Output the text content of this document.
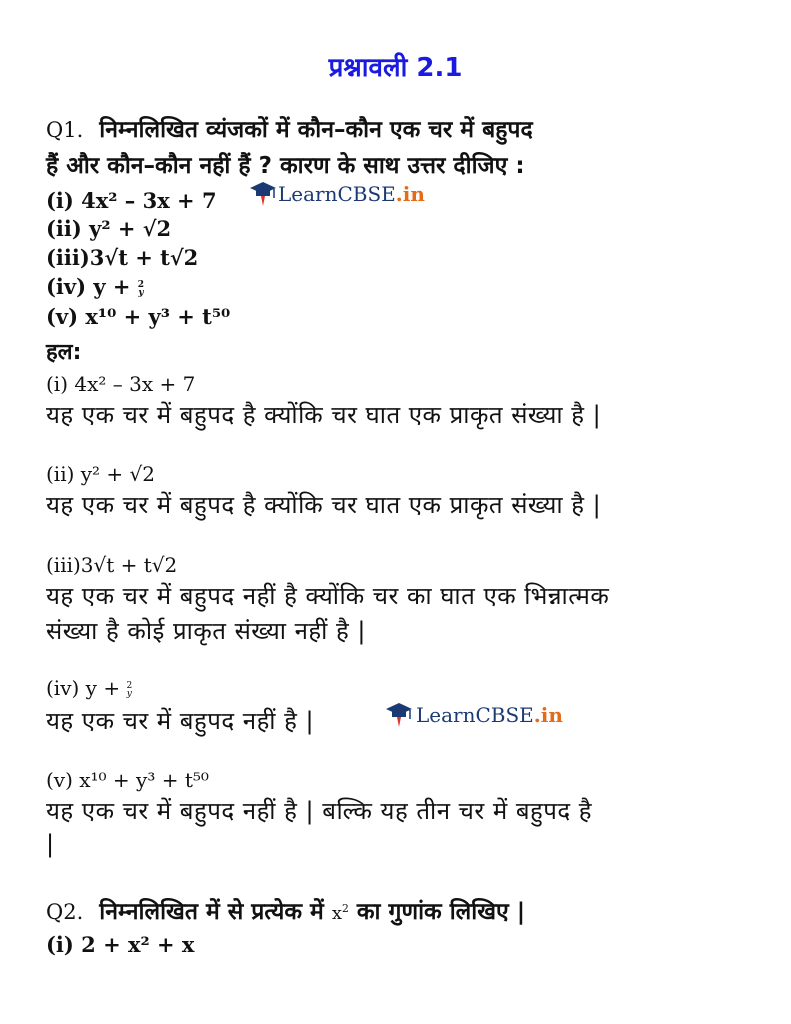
प्रश्नावली 2.1
Q1. निम्नलिखित व्यंजकों में कौन–कौन एक चर में बहुपद
हैं और कौन–कौन नहीं हैं ? कारण के साथ उत्तर दीजिए :
(i) 4x² – 3x + 7	LearnCBSE .in
(ii) y² + √2
(iii)3√t + t√2
(iv) y + 2
y
(v) x¹⁰ + y³ + t⁵⁰
हल:
(i) 4x² – 3x + 7
यह एक चर में बहुपद है क्योंकि चर घात एक प्राकृत संख्या है |
(ii) y² + √2
यह एक चर में बहुपद है क्योंकि चर घात एक प्राकृत संख्या है |
(iii)3√t + t√2
यह एक चर में बहुपद नहीं है क्योंकि चर का घात एक भिन्नात्मक
संख्या है कोई प्राकृत संख्या नहीं है |
(iv) y + 2
y
यह एक चर में बहुपद नहीं है |	LearnCBSE .in
(v) x¹⁰ + y³ + t⁵⁰
यह एक चर में बहुपद नहीं है | बल्कि यह तीन चर में बहुपद है
|
Q2. निम्नलिखित में से प्रत्येक में $x^2$ का गुणांक लिखिए |
(i) 2 + x² + x
